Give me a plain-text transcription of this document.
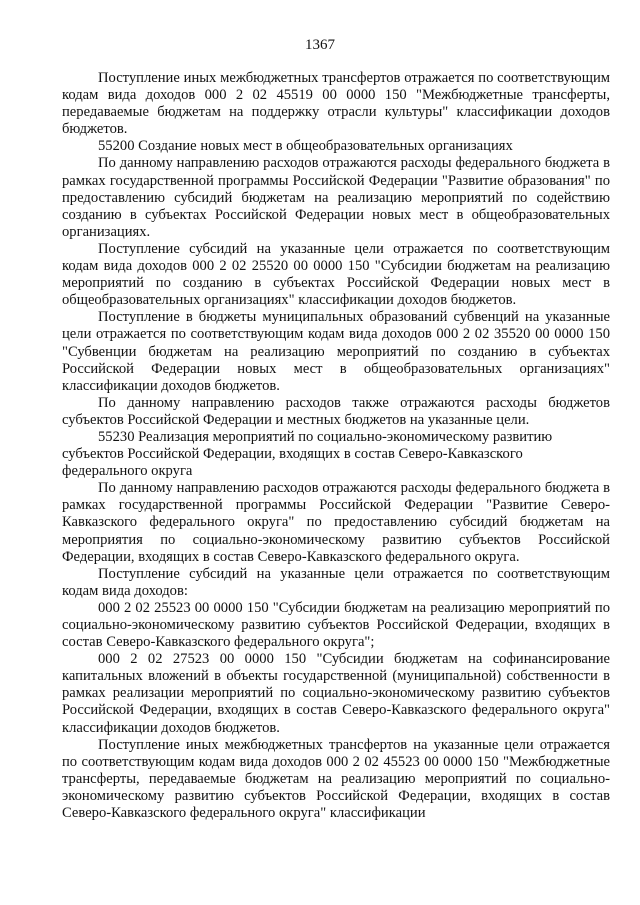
1367

Поступление иных межбюджетных трансфертов отражается по соответствующим кодам вида доходов 000 2 02 45519 00 0000 150 "Межбюджетные трансферты, передаваемые бюджетам на поддержку отрасли культуры" классификации доходов бюджетов.

55200 Создание новых мест в общеобразовательных организациях

По данному направлению расходов отражаются расходы федерального бюджета в рамках государственной программы Российской Федерации "Развитие образования" по предоставлению субсидий бюджетам на реализацию мероприятий по содействию созданию в субъектах Российской Федерации новых мест в общеобразовательных организациях.

Поступление субсидий на указанные цели отражается по соответствующим кодам вида доходов 000 2 02 25520 00 0000 150 "Субсидии бюджетам на реализацию мероприятий по созданию в субъектах Российской Федерации новых мест в общеобразовательных организациях" классификации доходов бюджетов.

Поступление в бюджеты муниципальных образований субвенций на указанные цели отражается по соответствующим кодам вида доходов 000 2 02 35520 00 0000 150 "Субвенции бюджетам на реализацию мероприятий по созданию в субъектах Российской Федерации новых мест в общеобразовательных организациях" классификации доходов бюджетов.

По данному направлению расходов также отражаются расходы бюджетов субъектов Российской Федерации и местных бюджетов на указанные цели.

55230 Реализация мероприятий по социально-экономическому развитию субъектов Российской Федерации, входящих в состав Северо-Кавказского федерального округа

По данному направлению расходов отражаются расходы федерального бюджета в рамках государственной программы Российской Федерации "Развитие Северо-Кавказского федерального округа" по предоставлению субсидий бюджетам на мероприятия по социально-экономическому развитию субъектов Российской Федерации, входящих в состав Северо-Кавказского федерального округа.

Поступление субсидий на указанные цели отражается по соответствующим кодам вида доходов:

000 2 02 25523 00 0000 150 "Субсидии бюджетам на реализацию мероприятий по социально-экономическому развитию субъектов Российской Федерации, входящих в состав Северо-Кавказского федерального округа";

000 2 02 27523 00 0000 150 "Субсидии бюджетам на софинансирование капитальных вложений в объекты государственной (муниципальной) собственности в рамках реализации мероприятий по социально-экономическому развитию субъектов Российской Федерации, входящих в состав Северо-Кавказского федерального округа" классификации доходов бюджетов.

Поступление иных межбюджетных трансфертов на указанные цели отражается по соответствующим кодам вида доходов 000 2 02 45523 00 0000 150 "Межбюджетные трансферты, передаваемые бюджетам на реализацию мероприятий по социально-экономическому развитию субъектов Российской Федерации, входящих в состав Северо-Кавказского федерального округа" классификации
